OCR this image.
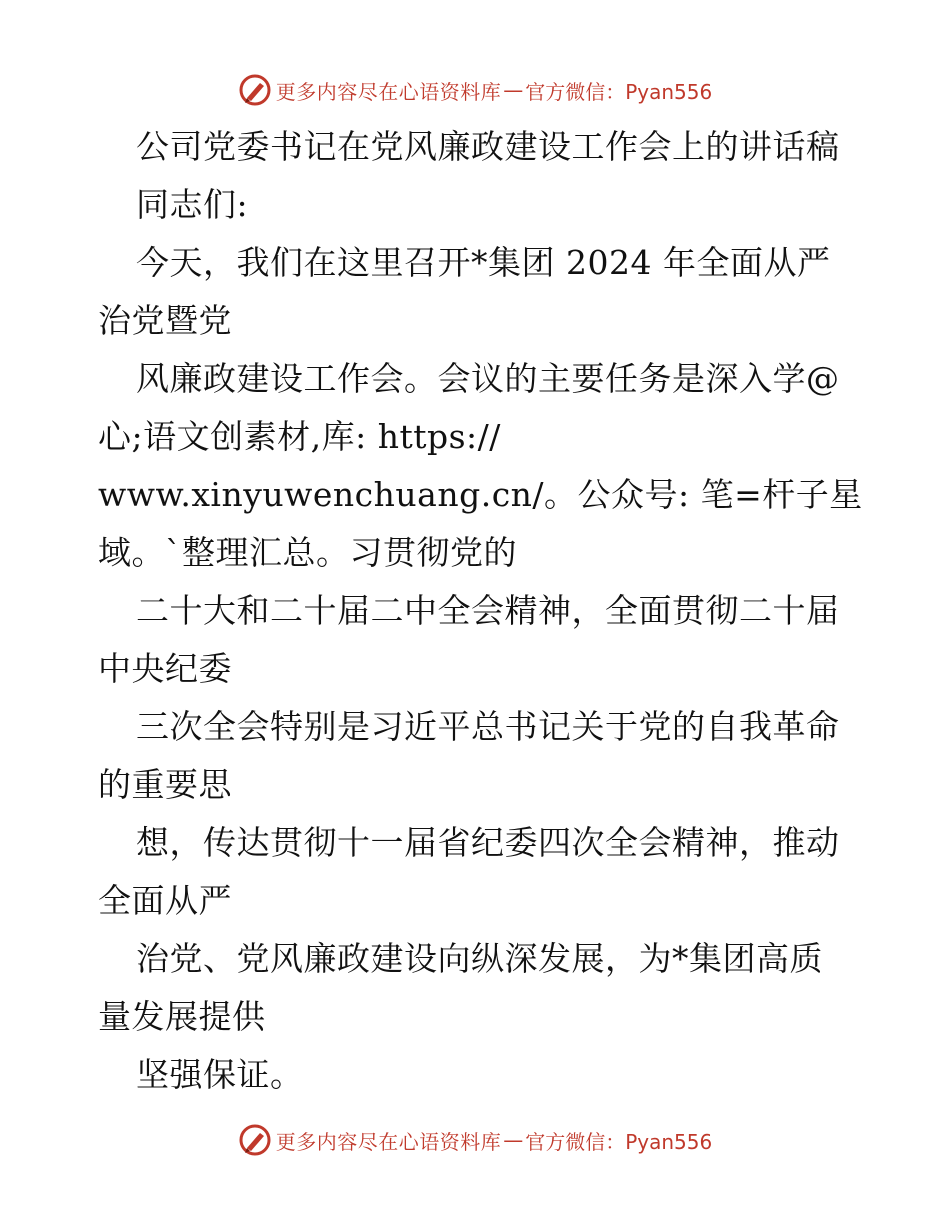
更多内容尽在心语资料库 — 官方微信：Pyan556
公司党委书记在党风廉政建设工作会上的讲话稿
同志们:
今天，我们在这里召开*集团 2024 年全面从严
治党暨党
风廉政建设工作会。会议的主要任务是深入学@
心;语文创素材,库: https://
www.xinyuwenchuang.cn/。公众号: 笔=杆子星
域。`整理汇总。习贯彻党的
二十大和二十届二中全会精神，全面贯彻二十届
中央纪委
三次全会特别是习近平总书记关于党的自我革命
的重要思
想，传达贯彻十一届省纪委四次全会精神，推动
全面从严
治党、党风廉政建设向纵深发展，为*集团高质
量发展提供
坚强保证。
更多内容尽在心语资料库 — 官方微信：Pyan556
